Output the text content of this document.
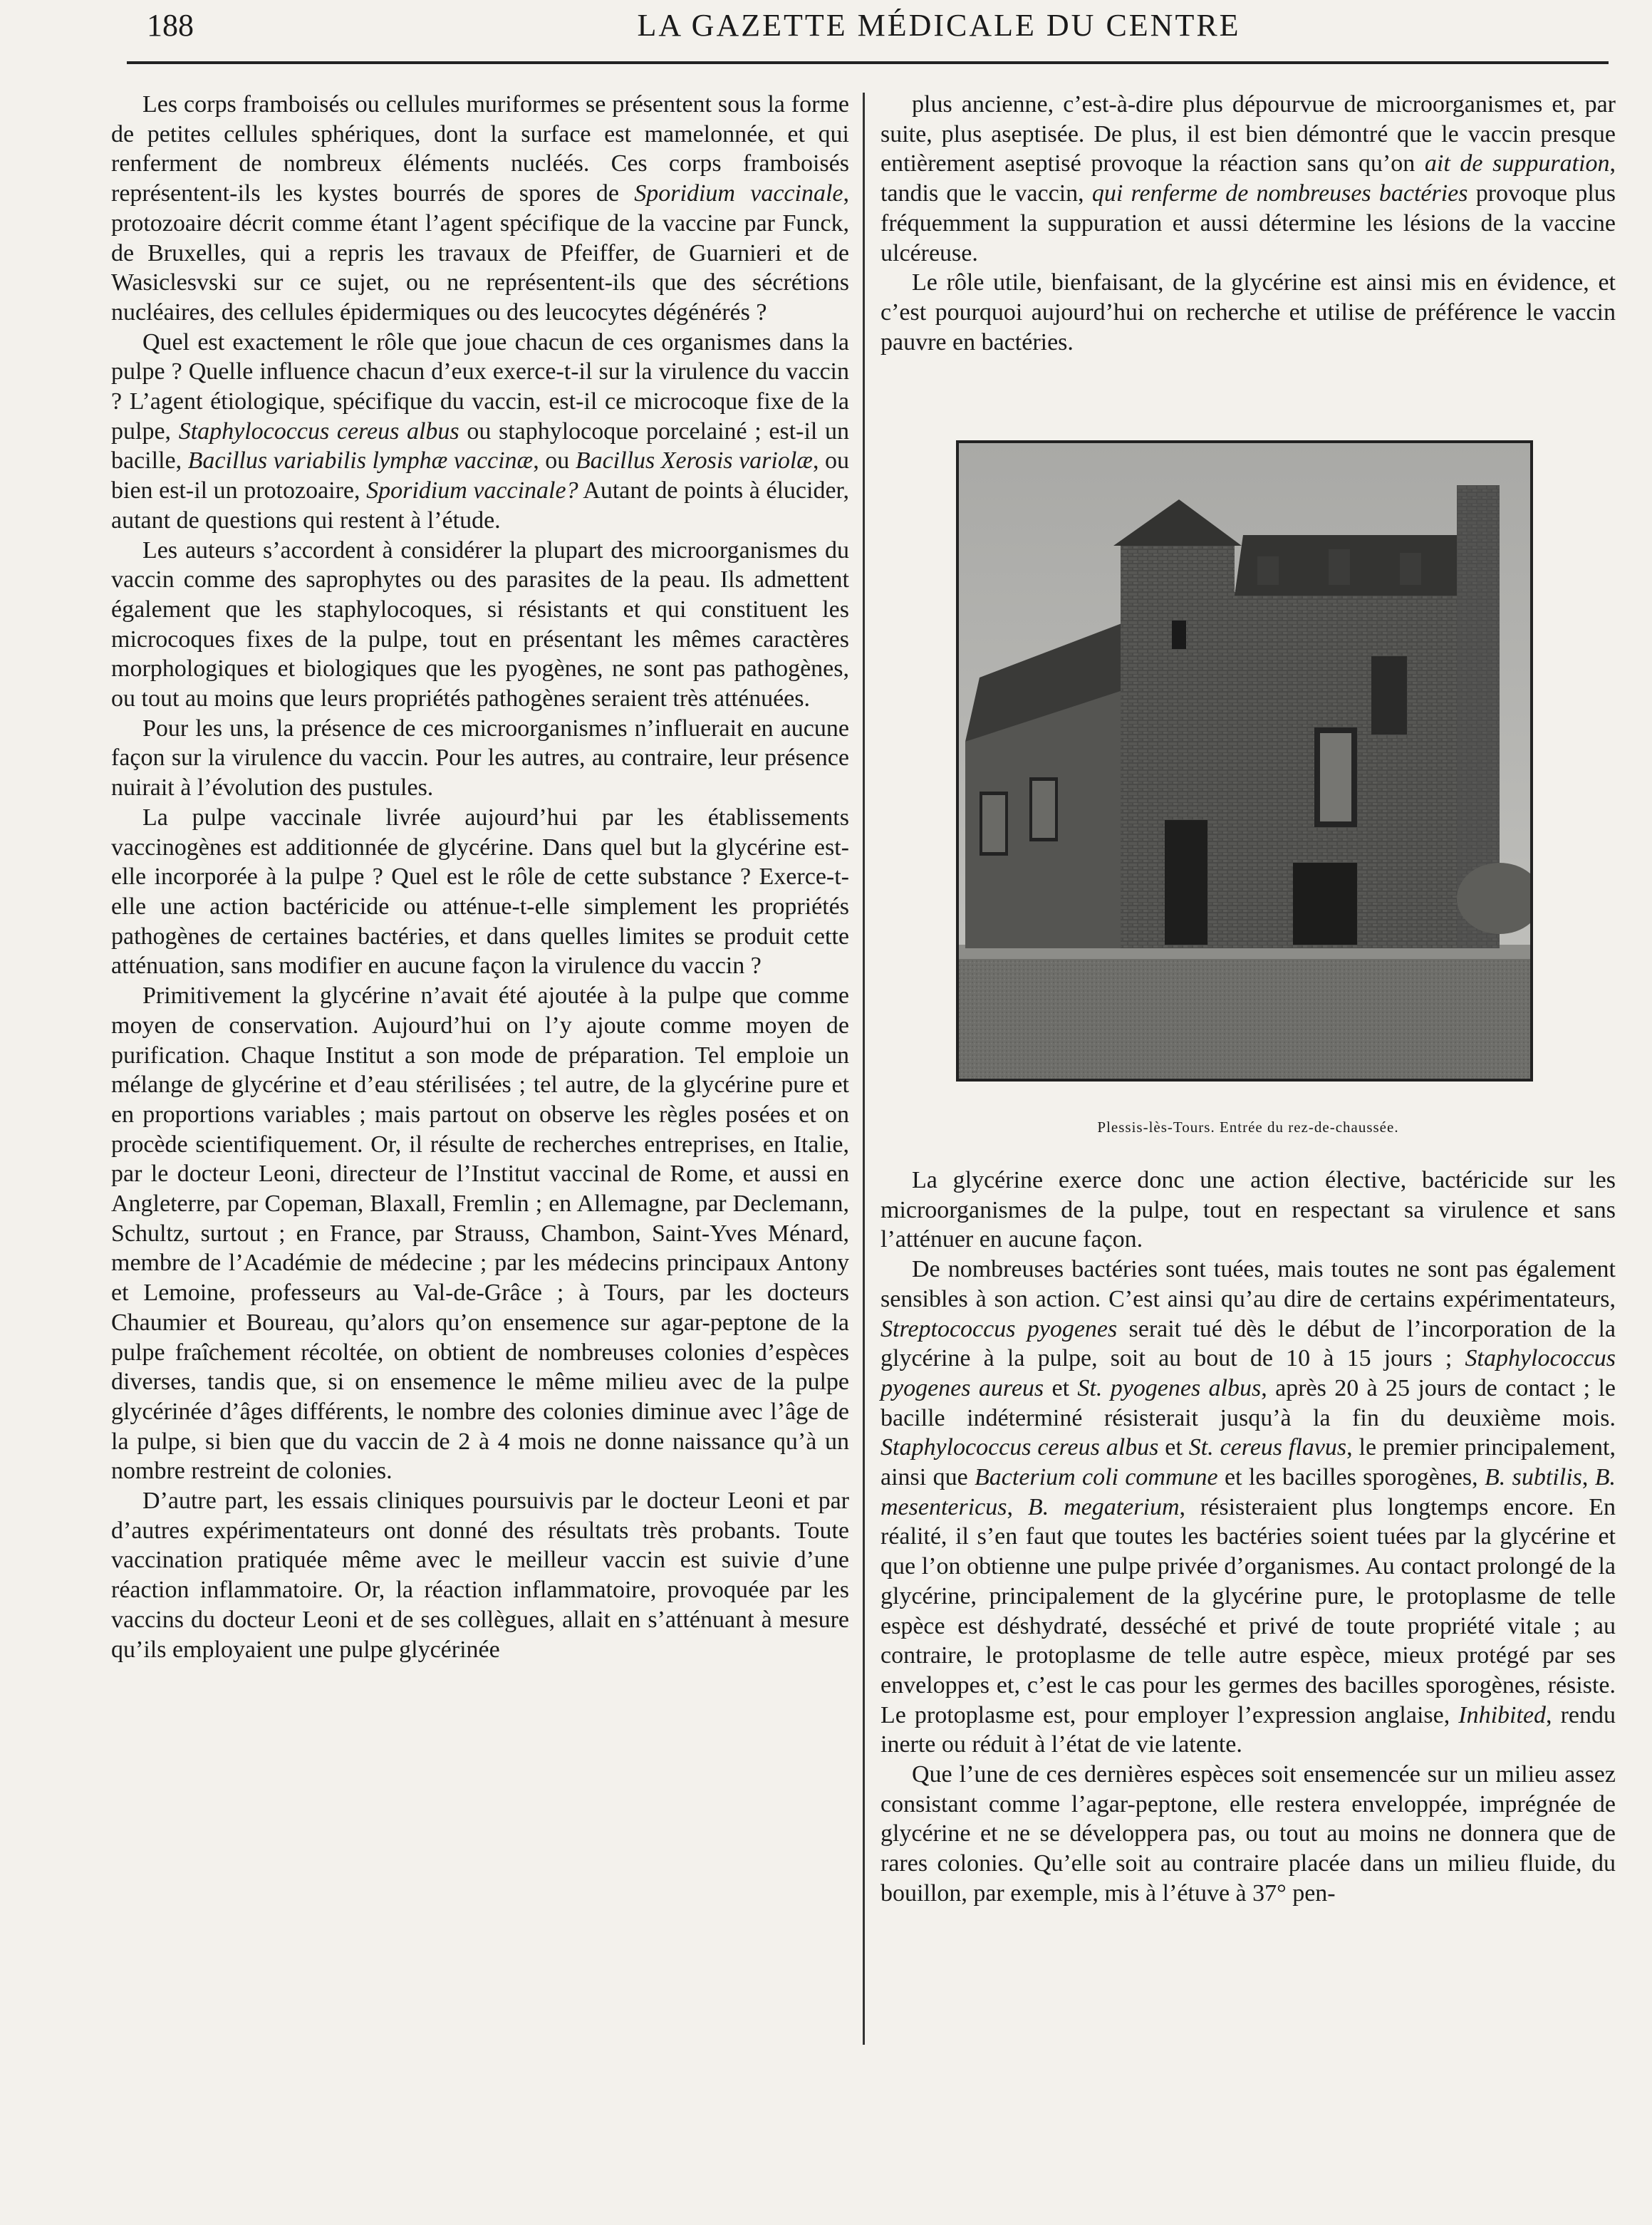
188	LA GAZETTE MÉDICALE DU CENTRE

Les corps framboisés ou cellules muriformes se présentent sous la forme de petites cellules sphériques, dont la surface est mamelonnée, et qui renferment de nombreux éléments nucléés. Ces corps framboisés représentent-ils les kystes bourrés de spores de Sporidium vaccinale, protozoaire décrit comme étant l’agent spécifique de la vaccine par Funck, de Bruxelles, qui a repris les travaux de Pfeiffer, de Guarnieri et de Wasiclesvski sur ce sujet, ou ne représentent-ils que des sécrétions nucléaires, des cellules épidermiques ou des leucocytes dégénérés ?

Quel est exactement le rôle que joue chacun de ces organismes dans la pulpe ? Quelle influence chacun d’eux exerce-t-il sur la virulence du vaccin ? L’agent étiologique, spécifique du vaccin, est-il ce microcoque fixe de la pulpe, Staphylococcus cereus albus ou staphylocoque porcelainé ; est-il un bacille, Bacillus variabilis lymphæ vaccinæ, ou Bacillus Xerosis variolæ, ou bien est-il un protozoaire, Sporidium vaccinale? Autant de points à élucider, autant de questions qui restent à l’étude.

Les auteurs s’accordent à considérer la plupart des microorganismes du vaccin comme des saprophytes ou des parasites de la peau. Ils admettent également que les staphylocoques, si résistants et qui constituent les microcoques fixes de la pulpe, tout en présentant les mêmes caractères morphologiques et biologiques que les pyogènes, ne sont pas pathogènes, ou tout au moins que leurs propriétés pathogènes seraient très atténuées.

Pour les uns, la présence de ces microorganismes n’influerait en aucune façon sur la virulence du vaccin. Pour les autres, au contraire, leur présence nuirait à l’évolution des pustules.

La pulpe vaccinale livrée aujourd’hui par les établissements vaccinogènes est additionnée de glycérine. Dans quel but la glycérine est-elle incorporée à la pulpe ? Quel est le rôle de cette substance ? Exerce-t-elle une action bactéricide ou atténue-t-elle simplement les propriétés pathogènes de certaines bactéries, et dans quelles limites se produit cette atténuation, sans modifier en aucune façon la virulence du vaccin ?

Primitivement la glycérine n’avait été ajoutée à la pulpe que comme moyen de conservation. Aujourd’hui on l’y ajoute comme moyen de purification. Chaque Institut a son mode de préparation. Tel emploie un mélange de glycérine et d’eau stérilisées ; tel autre, de la glycérine pure et en proportions variables ; mais partout on observe les règles posées et on procède scientifiquement. Or, il résulte de recherches entreprises, en Italie, par le docteur Leoni, directeur de l’Institut vaccinal de Rome, et aussi en Angleterre, par Copeman, Blaxall, Fremlin ; en Allemagne, par Declemann, Schultz, surtout ; en France, par Strauss, Chambon, Saint-Yves Ménard, membre de l’Académie de médecine ; par les médecins principaux Antony et Lemoine, professeurs au Val-de-Grâce ; à Tours, par les docteurs Chaumier et Boureau, qu’alors qu’on ensemence sur agar-peptone de la pulpe fraîchement récoltée, on obtient de nombreuses colonies d’espèces diverses, tandis que, si on ensemence le même milieu avec de la pulpe glycérinée d’âges différents, le nombre des colonies diminue avec l’âge de la pulpe, si bien que du vaccin de 2 à 4 mois ne donne naissance qu’à un nombre restreint de colonies.

D’autre part, les essais cliniques poursuivis par le docteur Leoni et par d’autres expérimentateurs ont donné des résultats très probants. Toute vaccination pratiquée même avec le meilleur vaccin est suivie d’une réaction inflammatoire. Or, la réaction inflammatoire, provoquée par les vaccins du docteur Leoni et de ses collègues, allait en s’atténuant à mesure qu’ils employaient une pulpe glycérinée

plus ancienne, c’est-à-dire plus dépourvue de microorganismes et, par suite, plus aseptisée. De plus, il est bien démontré que le vaccin presque entièrement aseptisé provoque la réaction sans qu’on ait de suppuration, tandis que le vaccin, qui renferme de nombreuses bactéries provoque plus fréquemment la suppuration et aussi détermine les lésions de la vaccine ulcéreuse.

Le rôle utile, bienfaisant, de la glycérine est ainsi mis en évidence, et c’est pourquoi aujourd’hui on recherche et utilise de préférence le vaccin pauvre en bactéries.

Plessis-lès-Tours. Entrée du rez-de-chaussée.

La glycérine exerce donc une action élective, bactéricide sur les microorganismes de la pulpe, tout en respectant sa virulence et sans l’atténuer en aucune façon.

De nombreuses bactéries sont tuées, mais toutes ne sont pas également sensibles à son action. C’est ainsi qu’au dire de certains expérimentateurs, Streptococcus pyogenes serait tué dès le début de l’incorporation de la glycérine à la pulpe, soit au bout de 10 à 15 jours ; Staphylococcus pyogenes aureus et St. pyogenes albus, après 20 à 25 jours de contact ; le bacille indéterminé résisterait jusqu’à la fin du deuxième mois. Staphylococcus cereus albus et St. cereus flavus, le premier principalement, ainsi que Bacterium coli commune et les bacilles sporogènes, B. subtilis, B. mesentericus, B. megaterium, résisteraient plus longtemps encore. En réalité, il s’en faut que toutes les bactéries soient tuées par la glycérine et que l’on obtienne une pulpe privée d’organismes. Au contact prolongé de la glycérine, principalement de la glycérine pure, le protoplasme de telle espèce est déshydraté, desséché et privé de toute propriété vitale ; au contraire, le protoplasme de telle autre espèce, mieux protégé par ses enveloppes et, c’est le cas pour les germes des bacilles sporogènes, résiste. Le protoplasme est, pour employer l’expression anglaise, Inhibited, rendu inerte ou réduit à l’état de vie latente.

Que l’une de ces dernières espèces soit ensemencée sur un milieu assez consistant comme l’agar-peptone, elle restera enveloppée, imprégnée de glycérine et ne se développera pas, ou tout au moins ne donnera que de rares colonies. Qu’elle soit au contraire placée dans un milieu fluide, du bouillon, par exemple, mis à l’étuve à 37° pen-
